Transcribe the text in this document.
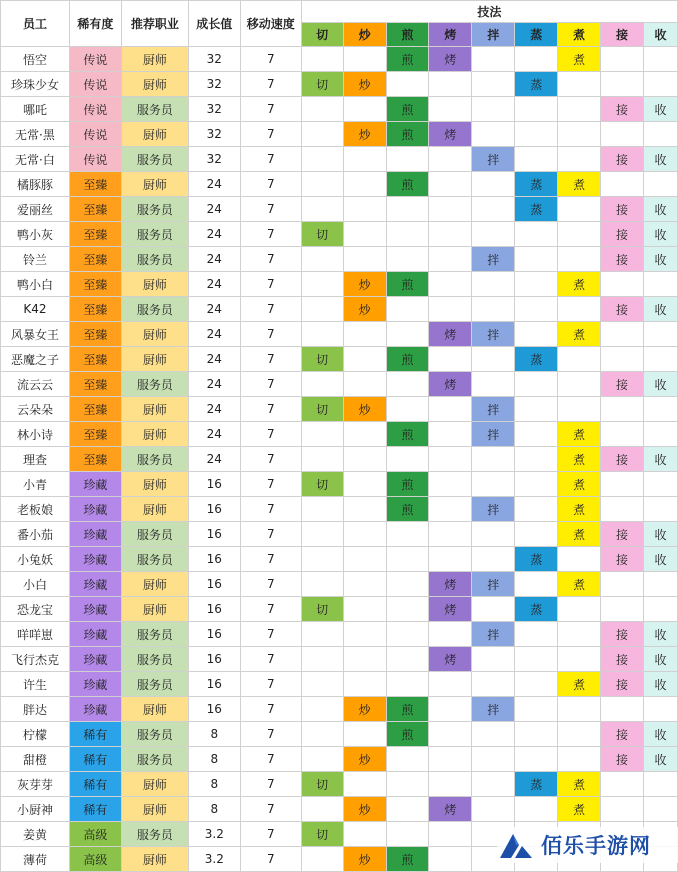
员工	稀有度	推荐职业	成长值	移动速度	技法								
					切	炒	煎	烤	拌	蒸	煮	接	收
悟空	传说	厨师	32	7			煎	烤			煮		
珍珠少女	传说	厨师	32	7	切	炒				蒸			
哪吒	传说	服务员	32	7			煎					接	收
无常·黑	传说	厨师	32	7		炒	煎	烤					
无常·白	传说	服务员	32	7					拌			接	收
橘豚豚	至臻	厨师	24	7			煎			蒸	煮		
爱丽丝	至臻	服务员	24	7						蒸		接	收
鸭小灰	至臻	服务员	24	7	切							接	收
铃兰	至臻	服务员	24	7					拌			接	收
鸭小白	至臻	厨师	24	7		炒	煎				煮		
K42	至臻	服务员	24	7		炒						接	收
风暴女王	至臻	厨师	24	7				烤	拌		煮		
恶魔之子	至臻	厨师	24	7	切		煎			蒸			
流云云	至臻	服务员	24	7				烤				接	收
云朵朵	至臻	厨师	24	7	切	炒			拌				
林小诗	至臻	厨师	24	7			煎		拌		煮		
理查	至臻	服务员	24	7							煮	接	收
小青	珍藏	厨师	16	7	切		煎				煮		
老板娘	珍藏	厨师	16	7			煎		拌		煮		
番小茄	珍藏	服务员	16	7							煮	接	收
小兔妖	珍藏	服务员	16	7						蒸		接	收
小白	珍藏	厨师	16	7				烤	拌		煮		
恐龙宝	珍藏	厨师	16	7	切			烤		蒸			
咩咩崽	珍藏	服务员	16	7					拌			接	收
飞行杰克	珍藏	服务员	16	7				烤				接	收
许生	珍藏	服务员	16	7							煮	接	收
胖达	珍藏	厨师	16	7		炒	煎		拌				
柠檬	稀有	服务员	8	7			煎					接	收
甜橙	稀有	服务员	8	7		炒						接	收
灰芽芽	稀有	厨师	8	7	切					蒸	煮		
小厨神	稀有	厨师	8	7		炒		烤			煮		
姜黄	高级	服务员	3.2	7	切								
薄荷	高级	厨师	3.2	7		炒	煎						
佰乐手游网
